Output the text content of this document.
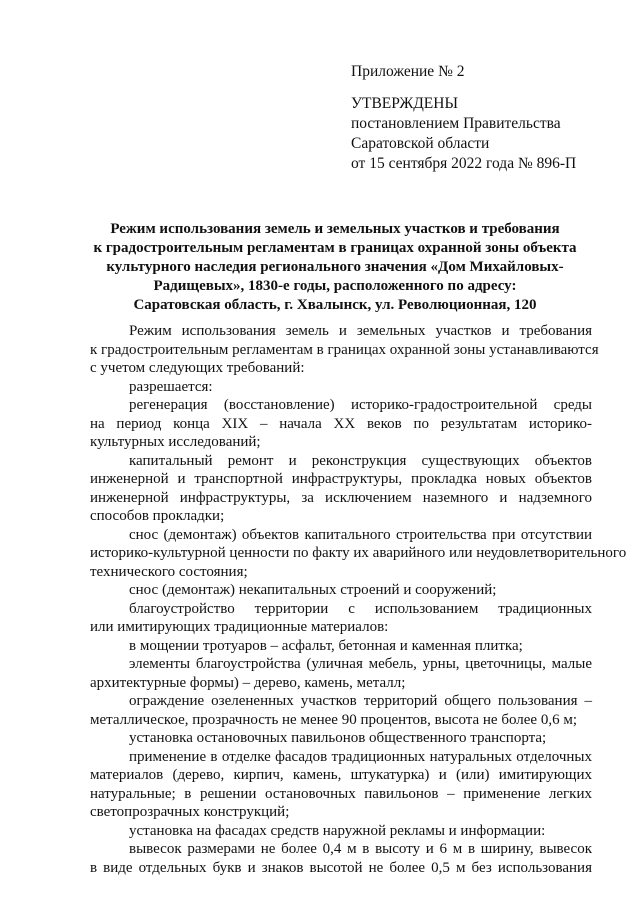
Приложение № 2
УТВЕРЖДЕНЫ
постановлением Правительства
Саратовской области
от 15 сентября 2022 года № 896-П
Режим использования земель и земельных участков и требования
к градостроительным регламентам в границах охранной зоны объекта
культурного наследия регионального значения «Дом Михайловых-
Радищевых», 1830-е годы, расположенного по адресу:
Саратовская область, г. Хвалынск, ул. Революционная, 120
Режим использования земель и земельных участков и требования
к градостроительным регламентам в границах охранной зоны устанавливаются
с учетом следующих требований:
разрешается:
регенерация (восстановление) историко-градостроительной среды
на период конца XIX – начала XX веков по результатам историко-
культурных исследований;
капитальный ремонт и реконструкция существующих объектов
инженерной и транспортной инфраструктуры, прокладка новых объектов
инженерной инфраструктуры, за исключением наземного и надземного
способов прокладки;
снос (демонтаж) объектов капитального строительства при отсутствии
историко-культурной ценности по факту их аварийного или неудовлетворительного
технического состояния;
снос (демонтаж) некапитальных строений и сооружений;
благоустройство территории с использованием традиционных
или имитирующих традиционные материалов:
в мощении тротуаров – асфальт, бетонная и каменная плитка;
элементы благоустройства (уличная мебель, урны, цветочницы, малые
архитектурные формы) – дерево, камень, металл;
ограждение озелененных участков территорий общего пользования –
металлическое, прозрачность не менее 90 процентов, высота не более 0,6 м;
установка остановочных павильонов общественного транспорта;
применение в отделке фасадов традиционных натуральных отделочных
материалов (дерево, кирпич, камень, штукатурка) и (или) имитирующих
натуральные; в решении остановочных павильонов – применение легких
светопрозрачных конструкций;
установка на фасадах средств наружной рекламы и информации:
вывесок размерами не более 0,4 м в высоту и 6 м в ширину, вывесок
в виде отдельных букв и знаков высотой не более 0,5 м без использования
